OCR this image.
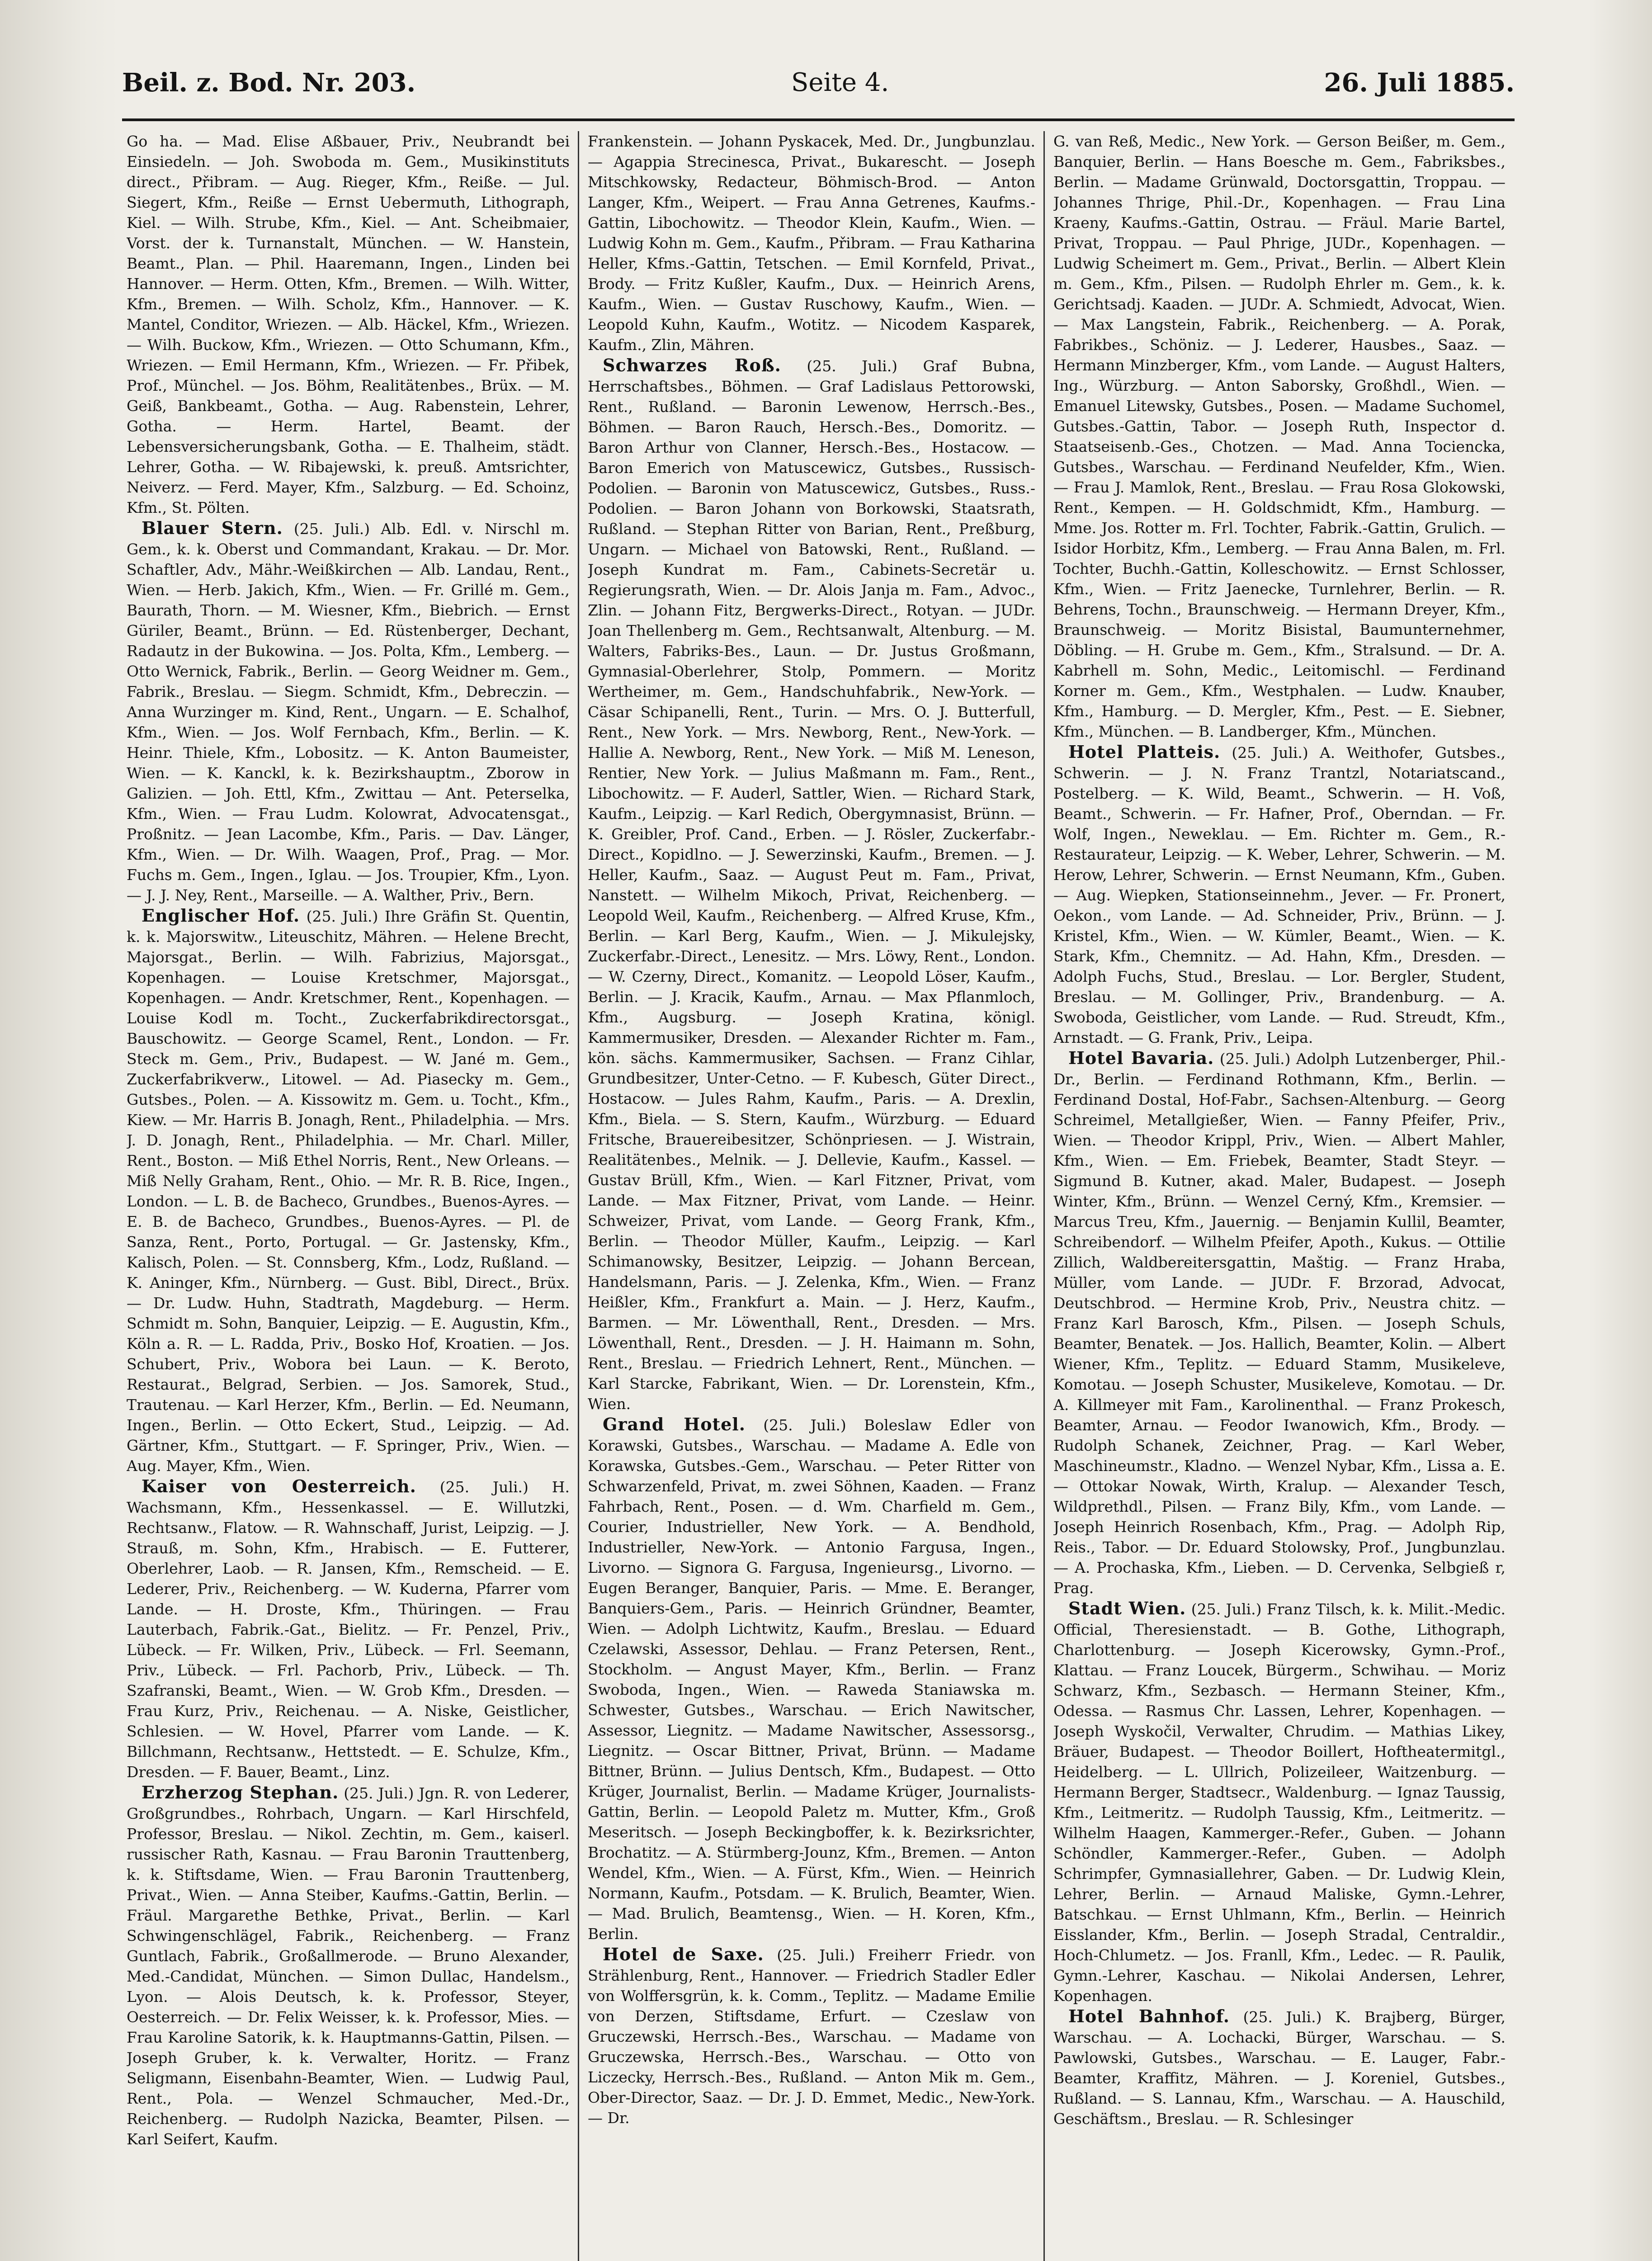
Beil. z. Bod. Nr. 203.	Seite 4.	26. Juli 1885.
Go ha. — Mad. Elise Aßbauer, Priv., Neubrandt bei Einsiedeln. — Joh. Swoboda m. Gem., Musikinstituts direct., Přibram. — Aug. Rieger, Kfm., Reiße. — Jul. Siegert, Kfm., Reiße — Ernst Uebermuth, Lithograph, Kiel. — Wilh. Strube, Kfm., Kiel. — Ant. Scheibmaier, Vorst. der k. Turnanstalt, München. — W. Hanstein, Beamt., Plan. — Phil. Haaremann, Ingen., Linden bei Hannover. — Herm. Otten, Kfm., Bremen. — Wilh. Witter, Kfm., Bremen. — Wilh. Scholz, Kfm., Hannover. — K. Mantel, Conditor, Wriezen. — Alb. Häckel, Kfm., Wriezen. — Wilh. Buckow, Kfm., Wriezen. — Otto Schumann, Kfm., Wriezen. — Emil Hermann, Kfm., Wriezen. — Fr. Přibek, Prof., Münchel. — Jos. Böhm, Realitätenbes., Brüx. — M. Geiß, Bankbeamt., Gotha. — Aug. Rabenstein, Lehrer, Gotha. — Herm. Hartel, Beamt. der Lebensversicherungsbank, Gotha. — E. Thalheim, städt. Lehrer, Gotha. — W. Ribajewski, k. preuß. Amtsrichter, Neiverz. — Ferd. Mayer, Kfm., Salzburg. — Ed. Schoinz, Kfm., St. Pölten.
 Blauer Stern. (25. Juli.) Alb. Edl. v. Nirschl m. Gem., k. k. Oberst und Commandant, Krakau. — Dr. Mor. Schaftler, Adv., Mähr.-Weißkirchen — Alb. Landau, Rent., Wien. — Herb. Jakich, Kfm., Wien. — Fr. Grillé m. Gem., Baurath, Thorn. — M. Wiesner, Kfm., Biebrich. — Ernst Güriler, Beamt., Brünn. — Ed. Rüstenberger, Dechant, Radautz in der Bukowina. — Jos. Polta, Kfm., Lemberg. — Otto Wernick, Fabrik., Berlin. — Georg Weidner m. Gem., Fabrik., Breslau. — Siegm. Schmidt, Kfm., Debreczin. — Anna Wurzinger m. Kind, Rent., Ungarn. — E. Schalhof, Kfm., Wien. — Jos. Wolf Fernbach, Kfm., Berlin. — K. Heinr. Thiele, Kfm., Lobositz. — K. Anton Baumeister, Wien. — K. Kanckl, k. k. Bezirkshauptm., Zborow in Galizien. — Joh. Ettl, Kfm., Zwittau — Ant. Peterselka, Kfm., Wien. — Frau Ludm. Kolowrat, Advocatensgat., Proßnitz. — Jean Lacombe, Kfm., Paris. — Dav. Länger, Kfm., Wien. — Dr. Wilh. Waagen, Prof., Prag. — Mor. Fuchs m. Gem., Ingen., Iglau. — Jos. Troupier, Kfm., Lyon. — J. J. Ney, Rent., Marseille. — A. Walther, Priv., Bern.
 Englischer Hof. (25. Juli.) Ihre Gräfin St. Quentin, k. k. Majorswitw., Liteuschitz, Mähren. — Helene Brecht, Majorsgat., Berlin. — Wilh. Fabrizius, Majorsgat., Kopenhagen. — Louise Kretschmer, Majorsgat., Kopenhagen. — Andr. Kretschmer, Rent., Kopenhagen. — Louise Kodl m. Tocht., Zuckerfabrikdirectorsgat., Bauschowitz. — George Scamel, Rent., London. — Fr. Steck m. Gem., Priv., Budapest. — W. Jané m. Gem., Zuckerfabrikverw., Litowel. — Ad. Piasecky m. Gem., Gutsbes., Polen. — A. Kissowitz m. Gem. u. Tocht., Kfm., Kiew. — Mr. Harris B. Jonagh, Rent., Philadelphia. — Mrs. J. D. Jonagh, Rent., Philadelphia. — Mr. Charl. Miller, Rent., Boston. — Miß Ethel Norris, Rent., New Orleans. — Miß Nelly Graham, Rent., Ohio. — Mr. R. B. Rice, Ingen., London. — L. B. de Bacheco, Grundbes., Buenos-Ayres. — E. B. de Bacheco, Grundbes., Buenos-Ayres. — Pl. de Sanza, Rent., Porto, Portugal. — Gr. Jastensky, Kfm., Kalisch, Polen. — St. Connsberg, Kfm., Lodz, Rußland. — K. Aninger, Kfm., Nürnberg. — Gust. Bibl, Direct., Brüx. — Dr. Ludw. Huhn, Stadtrath, Magdeburg. — Herm. Schmidt m. Sohn, Banquier, Leipzig. — E. Augustin, Kfm., Köln a. R. — L. Radda, Priv., Bosko Hof, Kroatien. — Jos. Schubert, Priv., Wobora bei Laun. — K. Beroto, Restaurat., Belgrad, Serbien. — Jos. Samorek, Stud., Trautenau. — Karl Herzer, Kfm., Berlin. — Ed. Neumann, Ingen., Berlin. — Otto Eckert, Stud., Leipzig. — Ad. Gärtner, Kfm., Stuttgart. — F. Springer, Priv., Wien. — Aug. Mayer, Kfm., Wien.
 Kaiser von Oesterreich. (25. Juli.) H. Wachsmann, Kfm., Hessenkassel. — E. Willutzki, Rechtsanw., Flatow. — R. Wahnschaff, Jurist, Leipzig. — J. Strauß, m. Sohn, Kfm., Hrabisch. — E. Futterer, Oberlehrer, Laob. — R. Jansen, Kfm., Remscheid. — E. Lederer, Priv., Reichenberg. — W. Kuderna, Pfarrer vom Lande. — H. Droste, Kfm., Thüringen. — Frau Lauterbach, Fabrik.-Gat., Bielitz. — Fr. Penzel, Priv., Lübeck. — Fr. Wilken, Priv., Lübeck. — Frl. Seemann, Priv., Lübeck. — Frl. Pachorb, Priv., Lübeck. — Th. Szafranski, Beamt., Wien. — W. Grob Kfm., Dresden. — Frau Kurz, Priv., Reichenau. — A. Niske, Geistlicher, Schlesien. — W. Hovel, Pfarrer vom Lande. — K. Billchmann, Rechtsanw., Hettstedt. — E. Schulze, Kfm., Dresden. — F. Bauer, Beamt., Linz.
 Erzherzog Stephan. (25. Juli.) Jgn. R. von Lederer, Großgrundbes., Rohrbach, Ungarn. — Karl Hirschfeld, Professor, Breslau. — Nikol. Zechtin, m. Gem., kaiserl. russischer Rath, Kasnau. — Frau Baronin Trauttenberg, k. k. Stiftsdame, Wien. — Frau Baronin Trauttenberg, Privat., Wien. — Anna Steiber, Kaufms.-Gattin, Berlin. — Fräul. Margarethe Bethke, Privat., Berlin. — Karl Schwingenschlägel, Fabrik., Reichenberg. — Franz Guntlach, Fabrik., Großallmerode. — Bruno Alexander, Med.-Candidat, München. — Simon Dullac, Handelsm., Lyon. — Alois Deutsch, k. k. Professor, Steyer, Oesterreich. — Dr. Felix Weisser, k. k. Professor, Mies. — Frau Karoline Satorik, k. k. Hauptmanns-Gattin, Pilsen. — Joseph Gruber, k. k. Verwalter, Horitz. — Franz Seligmann, Eisenbahn-Beamter, Wien. — Ludwig Paul, Rent., Pola. — Wenzel Schmaucher, Med.-Dr., Reichenberg. — Rudolph Nazicka, Beamter, Pilsen. — Karl Seifert, Kaufm.
Frankenstein. — Johann Pyskacek, Med. Dr., Jungbunzlau. — Agappia Strecinesca, Privat., Bukarescht. — Joseph Mitschkowsky, Redacteur, Böhmisch-Brod. — Anton Langer, Kfm., Weipert. — Frau Anna Getrenes, Kaufms.-Gattin, Libochowitz. — Theodor Klein, Kaufm., Wien. — Ludwig Kohn m. Gem., Kaufm., Přibram. — Frau Katharina Heller, Kfms.-Gattin, Tetschen. — Emil Kornfeld, Privat., Brody. — Fritz Kußler, Kaufm., Dux. — Heinrich Arens, Kaufm., Wien. — Gustav Ruschowy, Kaufm., Wien. — Leopold Kuhn, Kaufm., Wotitz. — Nicodem Kasparek, Kaufm., Zlin, Mähren.
 Schwarzes Roß. (25. Juli.) Graf Bubna, Herrschaftsbes., Böhmen. — Graf Ladislaus Pettorowski, Rent., Rußland. — Baronin Lewenow, Herrsch.-Bes., Böhmen. — Baron Rauch, Hersch.-Bes., Domoritz. — Baron Arthur von Clanner, Hersch.-Bes., Hostacow. — Baron Emerich von Matuscewicz, Gutsbes., Russisch-Podolien. — Baronin von Matuscewicz, Gutsbes., Russ.-Podolien. — Baron Johann von Borkowski, Staatsrath, Rußland. — Stephan Ritter von Barian, Rent., Preßburg, Ungarn. — Michael von Batowski, Rent., Rußland. — Joseph Kundrat m. Fam., Cabinets-Secretär u. Regierungsrath, Wien. — Dr. Alois Janja m. Fam., Advoc., Zlin. — Johann Fitz, Bergwerks-Direct., Rotyan. — JUDr. Joan Thellenberg m. Gem., Rechtsanwalt, Altenburg. — M. Walters, Fabriks-Bes., Laun. — Dr. Justus Großmann, Gymnasial-Oberlehrer, Stolp, Pommern. — Moritz Wertheimer, m. Gem., Handschuhfabrik., New-York. — Cäsar Schipanelli, Rent., Turin. — Mrs. O. J. Butterfull, Rent., New York. — Mrs. Newborg, Rent., New-York. — Hallie A. Newborg, Rent., New York. — Miß M. Leneson, Rentier, New York. — Julius Maßmann m. Fam., Rent., Libochowitz. — F. Auderl, Sattler, Wien. — Richard Stark, Kaufm., Leipzig. — Karl Redich, Obergymnasist, Brünn. — K. Greibler, Prof. Cand., Erben. — J. Rösler, Zuckerfabr.-Direct., Kopidlno. — J. Sewerzinski, Kaufm., Bremen. — J. Heller, Kaufm., Saaz. — August Peut m. Fam., Privat, Nanstett. — Wilhelm Mikoch, Privat, Reichenberg. — Leopold Weil, Kaufm., Reichenberg. — Alfred Kruse, Kfm., Berlin. — Karl Berg, Kaufm., Wien. — J. Mikulejsky, Zuckerfabr.-Direct., Lenesitz. — Mrs. Löwy, Rent., London. — W. Czerny, Direct., Komanitz. — Leopold Löser, Kaufm., Berlin. — J. Kracik, Kaufm., Arnau. — Max Pflanmloch, Kfm., Augsburg. — Joseph Kratina, königl. Kammermusiker, Dresden. — Alexander Richter m. Fam., kön. sächs. Kammermusiker, Sachsen. — Franz Cihlar, Grundbesitzer, Unter-Cetno. — F. Kubesch, Güter Direct., Hostacow. — Jules Rahm, Kaufm., Paris. — A. Drexlin, Kfm., Biela. — S. Stern, Kaufm., Würzburg. — Eduard Fritsche, Brauereibesitzer, Schönpriesen. — J. Wistrain, Realitätenbes., Melnik. — J. Dellevie, Kaufm., Kassel. — Gustav Brüll, Kfm., Wien. — Karl Fitzner, Privat, vom Lande. — Max Fitzner, Privat, vom Lande. — Heinr. Schweizer, Privat, vom Lande. — Georg Frank, Kfm., Berlin. — Theodor Müller, Kaufm., Leipzig. — Karl Schimanowsky, Besitzer, Leipzig. — Johann Bercean, Handelsmann, Paris. — J. Zelenka, Kfm., Wien. — Franz Heißler, Kfm., Frankfurt a. Main. — J. Herz, Kaufm., Barmen. — Mr. Löwenthall, Rent., Dresden. — Mrs. Löwenthall, Rent., Dresden. — J. H. Haimann m. Sohn, Rent., Breslau. — Friedrich Lehnert, Rent., München. — Karl Starcke, Fabrikant, Wien. — Dr. Lorenstein, Kfm., Wien.
 Grand Hotel. (25. Juli.) Boleslaw Edler von Korawski, Gutsbes., Warschau. — Madame A. Edle von Korawska, Gutsbes.-Gem., Warschau. — Peter Ritter von Schwarzenfeld, Privat, m. zwei Söhnen, Kaaden. — Franz Fahrbach, Rent., Posen. — d. Wm. Charfield m. Gem., Courier, Industrieller, New York. — A. Bendhold, Industrieller, New-York. — Antonio Fargusa, Ingen., Livorno. — Signora G. Fargusa, Ingenieursg., Livorno. — Eugen Beranger, Banquier, Paris. — Mme. E. Beranger, Banquiers-Gem., Paris. — Heinrich Gründner, Beamter, Wien. — Adolph Lichtwitz, Kaufm., Breslau. — Eduard Czelawski, Assessor, Dehlau. — Franz Petersen, Rent., Stockholm. — Angust Mayer, Kfm., Berlin. — Franz Swoboda, Ingen., Wien. — Raweda Staniawska m. Schwester, Gutsbes., Warschau. — Erich Nawitscher, Assessor, Liegnitz. — Madame Nawitscher, Assessorsg., Liegnitz. — Oscar Bittner, Privat, Brünn. — Madame Bittner, Brünn. — Julius Dentsch, Kfm., Budapest. — Otto Krüger, Journalist, Berlin. — Madame Krüger, Journalists-Gattin, Berlin. — Leopold Paletz m. Mutter, Kfm., Groß Meseritsch. — Joseph Beckingboffer, k. k. Bezirksrichter, Brochatitz. — A. Stürmberg-Jounz, Kfm., Bremen. — Anton Wendel, Kfm., Wien. — A. Fürst, Kfm., Wien. — Heinrich Normann, Kaufm., Potsdam. — K. Brulich, Beamter, Wien. — Mad. Brulich, Beamtensg., Wien. — H. Koren, Kfm., Berlin.
 Hotel de Saxe. (25. Juli.) Freiherr Friedr. von Strählenburg, Rent., Hannover. — Friedrich Stadler Edler von Wolffersgrün, k. k. Comm., Teplitz. — Madame Emilie von Derzen, Stiftsdame, Erfurt. — Czeslaw von Gruczewski, Herrsch.-Bes., Warschau. — Madame von Gruczewska, Herrsch.-Bes., Warschau. — Otto von Liczecky, Herrsch.-Bes., Rußland. — Anton Mik m. Gem., Ober-Director, Saaz. — Dr. J. D. Emmet, Medic., New-York. — Dr.
G. van Reß, Medic., New York. — Gerson Beißer, m. Gem., Banquier, Berlin. — Hans Boesche m. Gem., Fabriksbes., Berlin. — Madame Grünwald, Doctorsgattin, Troppau. — Johannes Thrige, Phil.-Dr., Kopenhagen. — Frau Lina Kraeny, Kaufms.-Gattin, Ostrau. — Fräul. Marie Bartel, Privat, Troppau. — Paul Phrige, JUDr., Kopenhagen. — Ludwig Scheimert m. Gem., Privat., Berlin. — Albert Klein m. Gem., Kfm., Pilsen. — Rudolph Ehrler m. Gem., k. k. Gerichtsadj. Kaaden. — JUDr. A. Schmiedt, Advocat, Wien. — Max Langstein, Fabrik., Reichenberg. — A. Porak, Fabrikbes., Schöniz. — J. Lederer, Hausbes., Saaz. — Hermann Minzberger, Kfm., vom Lande. — August Halters, Ing., Würzburg. — Anton Saborsky, Großhdl., Wien. — Emanuel Litewsky, Gutsbes., Posen. — Madame Suchomel, Gutsbes.-Gattin, Tabor. — Joseph Ruth, Inspector d. Staatseisenb.-Ges., Chotzen. — Mad. Anna Tociencka, Gutsbes., Warschau. — Ferdinand Neufelder, Kfm., Wien. — Frau J. Mamlok, Rent., Breslau. — Frau Rosa Glokowski, Rent., Kempen. — H. Goldschmidt, Kfm., Hamburg. — Mme. Jos. Rotter m. Frl. Tochter, Fabrik.-Gattin, Grulich. — Isidor Horbitz, Kfm., Lemberg. — Frau Anna Balen, m. Frl. Tochter, Buchh.-Gattin, Kolleschowitz. — Ernst Schlosser, Kfm., Wien. — Fritz Jaenecke, Turnlehrer, Berlin. — R. Behrens, Tochn., Braunschweig. — Hermann Dreyer, Kfm., Braunschweig. — Moritz Bisistal, Baumunternehmer, Döbling. — H. Grube m. Gem., Kfm., Stralsund. — Dr. A. Kabrhell m. Sohn, Medic., Leitomischl. — Ferdinand Korner m. Gem., Kfm., Westphalen. — Ludw. Knauber, Kfm., Hamburg. — D. Mergler, Kfm., Pest. — E. Siebner, Kfm., München. — B. Landberger, Kfm., München.
 Hotel Platteis. (25. Juli.) A. Weithofer, Gutsbes., Schwerin. — J. N. Franz Trantzl, Notariatscand., Postelberg. — K. Wild, Beamt., Schwerin. — H. Voß, Beamt., Schwerin. — Fr. Hafner, Prof., Oberndan. — Fr. Wolf, Ingen., Neweklau. — Em. Richter m. Gem., R.-Restaurateur, Leipzig. — K. Weber, Lehrer, Schwerin. — M. Herow, Lehrer, Schwerin. — Ernst Neumann, Kfm., Guben. — Aug. Wiepken, Stationseinnehm., Jever. — Fr. Pronert, Oekon., vom Lande. — Ad. Schneider, Priv., Brünn. — J. Kristel, Kfm., Wien. — W. Kümler, Beamt., Wien. — K. Stark, Kfm., Chemnitz. — Ad. Hahn, Kfm., Dresden. — Adolph Fuchs, Stud., Breslau. — Lor. Bergler, Student, Breslau. — M. Gollinger, Priv., Brandenburg. — A. Swoboda, Geistlicher, vom Lande. — Rud. Streudt, Kfm., Arnstadt. — G. Frank, Priv., Leipa.
 Hotel Bavaria. (25. Juli.) Adolph Lutzenberger, Phil.-Dr., Berlin. — Ferdinand Rothmann, Kfm., Berlin. — Ferdinand Dostal, Hof-Fabr., Sachsen-Altenburg. — Georg Schreimel, Metallgießer, Wien. — Fanny Pfeifer, Priv., Wien. — Theodor Krippl, Priv., Wien. — Albert Mahler, Kfm., Wien. — Em. Friebek, Beamter, Stadt Steyr. — Sigmund B. Kutner, akad. Maler, Budapest. — Joseph Winter, Kfm., Brünn. — Wenzel Cerný, Kfm., Kremsier. — Marcus Treu, Kfm., Jauernig. — Benjamin Kullil, Beamter, Schreibendorf. — Wilhelm Pfeifer, Apoth., Kukus. — Ottilie Zillich, Waldbereitersgattin, Maštig. — Franz Hraba, Müller, vom Lande. — JUDr. F. Brzorad, Advocat, Deutschbrod. — Hermine Krob, Priv., Neustra chitz. — Franz Karl Barosch, Kfm., Pilsen. — Joseph Schuls, Beamter, Benatek. — Jos. Hallich, Beamter, Kolin. — Albert Wiener, Kfm., Teplitz. — Eduard Stamm, Musikeleve, Komotau. — Joseph Schuster, Musikeleve, Komotau. — Dr. A. Killmeyer mit Fam., Karolinenthal. — Franz Prokesch, Beamter, Arnau. — Feodor Iwanowich, Kfm., Brody. — Rudolph Schanek, Zeichner, Prag. — Karl Weber, Maschineumstr., Kladno. — Wenzel Nybar, Kfm., Lissa a. E. — Ottokar Nowak, Wirth, Kralup. — Alexander Tesch, Wildprethdl., Pilsen. — Franz Bily, Kfm., vom Lande. — Joseph Heinrich Rosenbach, Kfm., Prag. — Adolph Rip, Reis., Tabor. — Dr. Eduard Stolowsky, Prof., Jungbunzlau. — A. Prochaska, Kfm., Lieben. — D. Cervenka, Selbgieß r, Prag.
 Stadt Wien. (25. Juli.) Franz Tilsch, k. k. Milit.-Medic. Official, Theresienstadt. — B. Gothe, Lithograph, Charlottenburg. — Joseph Kicerowsky, Gymn.-Prof., Klattau. — Franz Loucek, Bürgerm., Schwihau. — Moriz Schwarz, Kfm., Sezbasch. — Hermann Steiner, Kfm., Odessa. — Rasmus Chr. Lassen, Lehrer, Kopenhagen. — Joseph Wyskočil, Verwalter, Chrudim. — Mathias Likey, Bräuer, Budapest. — Theodor Boillert, Hoftheatermitgl., Heidelberg. — L. Ullrich, Polizeileer, Waitzenburg. — Hermann Berger, Stadtsecr., Waldenburg. — Ignaz Taussig, Kfm., Leitmeritz. — Rudolph Taussig, Kfm., Leitmeritz. — Wilhelm Haagen, Kammerger.-Refer., Guben. — Johann Schöndler, Kammerger.-Refer., Guben. — Adolph Schrimpfer, Gymnasiallehrer, Gaben. — Dr. Ludwig Klein, Lehrer, Berlin. — Arnaud Maliske, Gymn.-Lehrer, Batschkau. — Ernst Uhlmann, Kfm., Berlin. — Heinrich Eisslander, Kfm., Berlin. — Joseph Stradal, Centraldir., Hoch-Chlumetz. — Jos. Franll, Kfm., Ledec. — R. Paulik, Gymn.-Lehrer, Kaschau. — Nikolai Andersen, Lehrer, Kopenhagen.
 Hotel Bahnhof. (25. Juli.) K. Brajberg, Bürger, Warschau. — A. Lochacki, Bürger, Warschau. — S. Pawlowski, Gutsbes., Warschau. — E. Lauger, Fabr.-Beamter, Kraffitz, Mähren. — J. Koreniel, Gutsbes., Rußland. — S. Lannau, Kfm., Warschau. — A. Hauschild, Geschäftsm., Breslau. — R. Schlesinger
